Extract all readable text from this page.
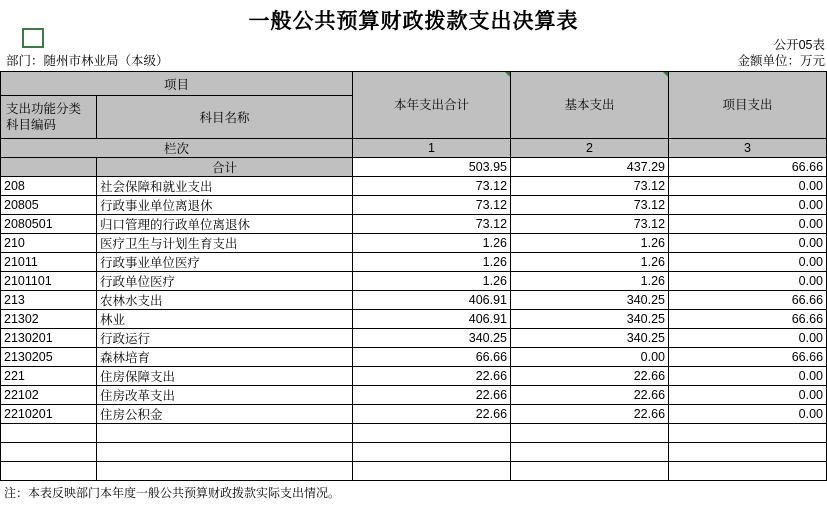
一般公共预算财政拨款支出决算表
公开05表
部门：随州市林业局（本级）	金额单位：万元
项目		本年支出合计	基本支出	项目支出

支出功能分类
科目编码	科目名称			
栏次		1	2	3
	合计	503.95	437.29	66.66
208	社会保障和就业支出	73.12	73.12	0.00
20805	行政事业单位离退休	73.12	73.12	0.00
2080501	归口管理的行政单位离退休	73.12	73.12	0.00
210	医疗卫生与计划生育支出	1.26	1.26	0.00
21011	行政事业单位医疗	1.26	1.26	0.00
2101101	行政单位医疗	1.26	1.26	0.00
213	农林水支出	406.91	340.25	66.66
21302	林业	406.91	340.25	66.66
2130201	行政运行	340.25	340.25	0.00
2130205	森林培育	66.66	0.00	66.66
221	住房保障支出	22.66	22.66	0.00
22102	住房改革支出	22.66	22.66	0.00
2210201	住房公积金	22.66	22.66	0.00

注：本表反映部门本年度一般公共预算财政拨款实际支出情况。
